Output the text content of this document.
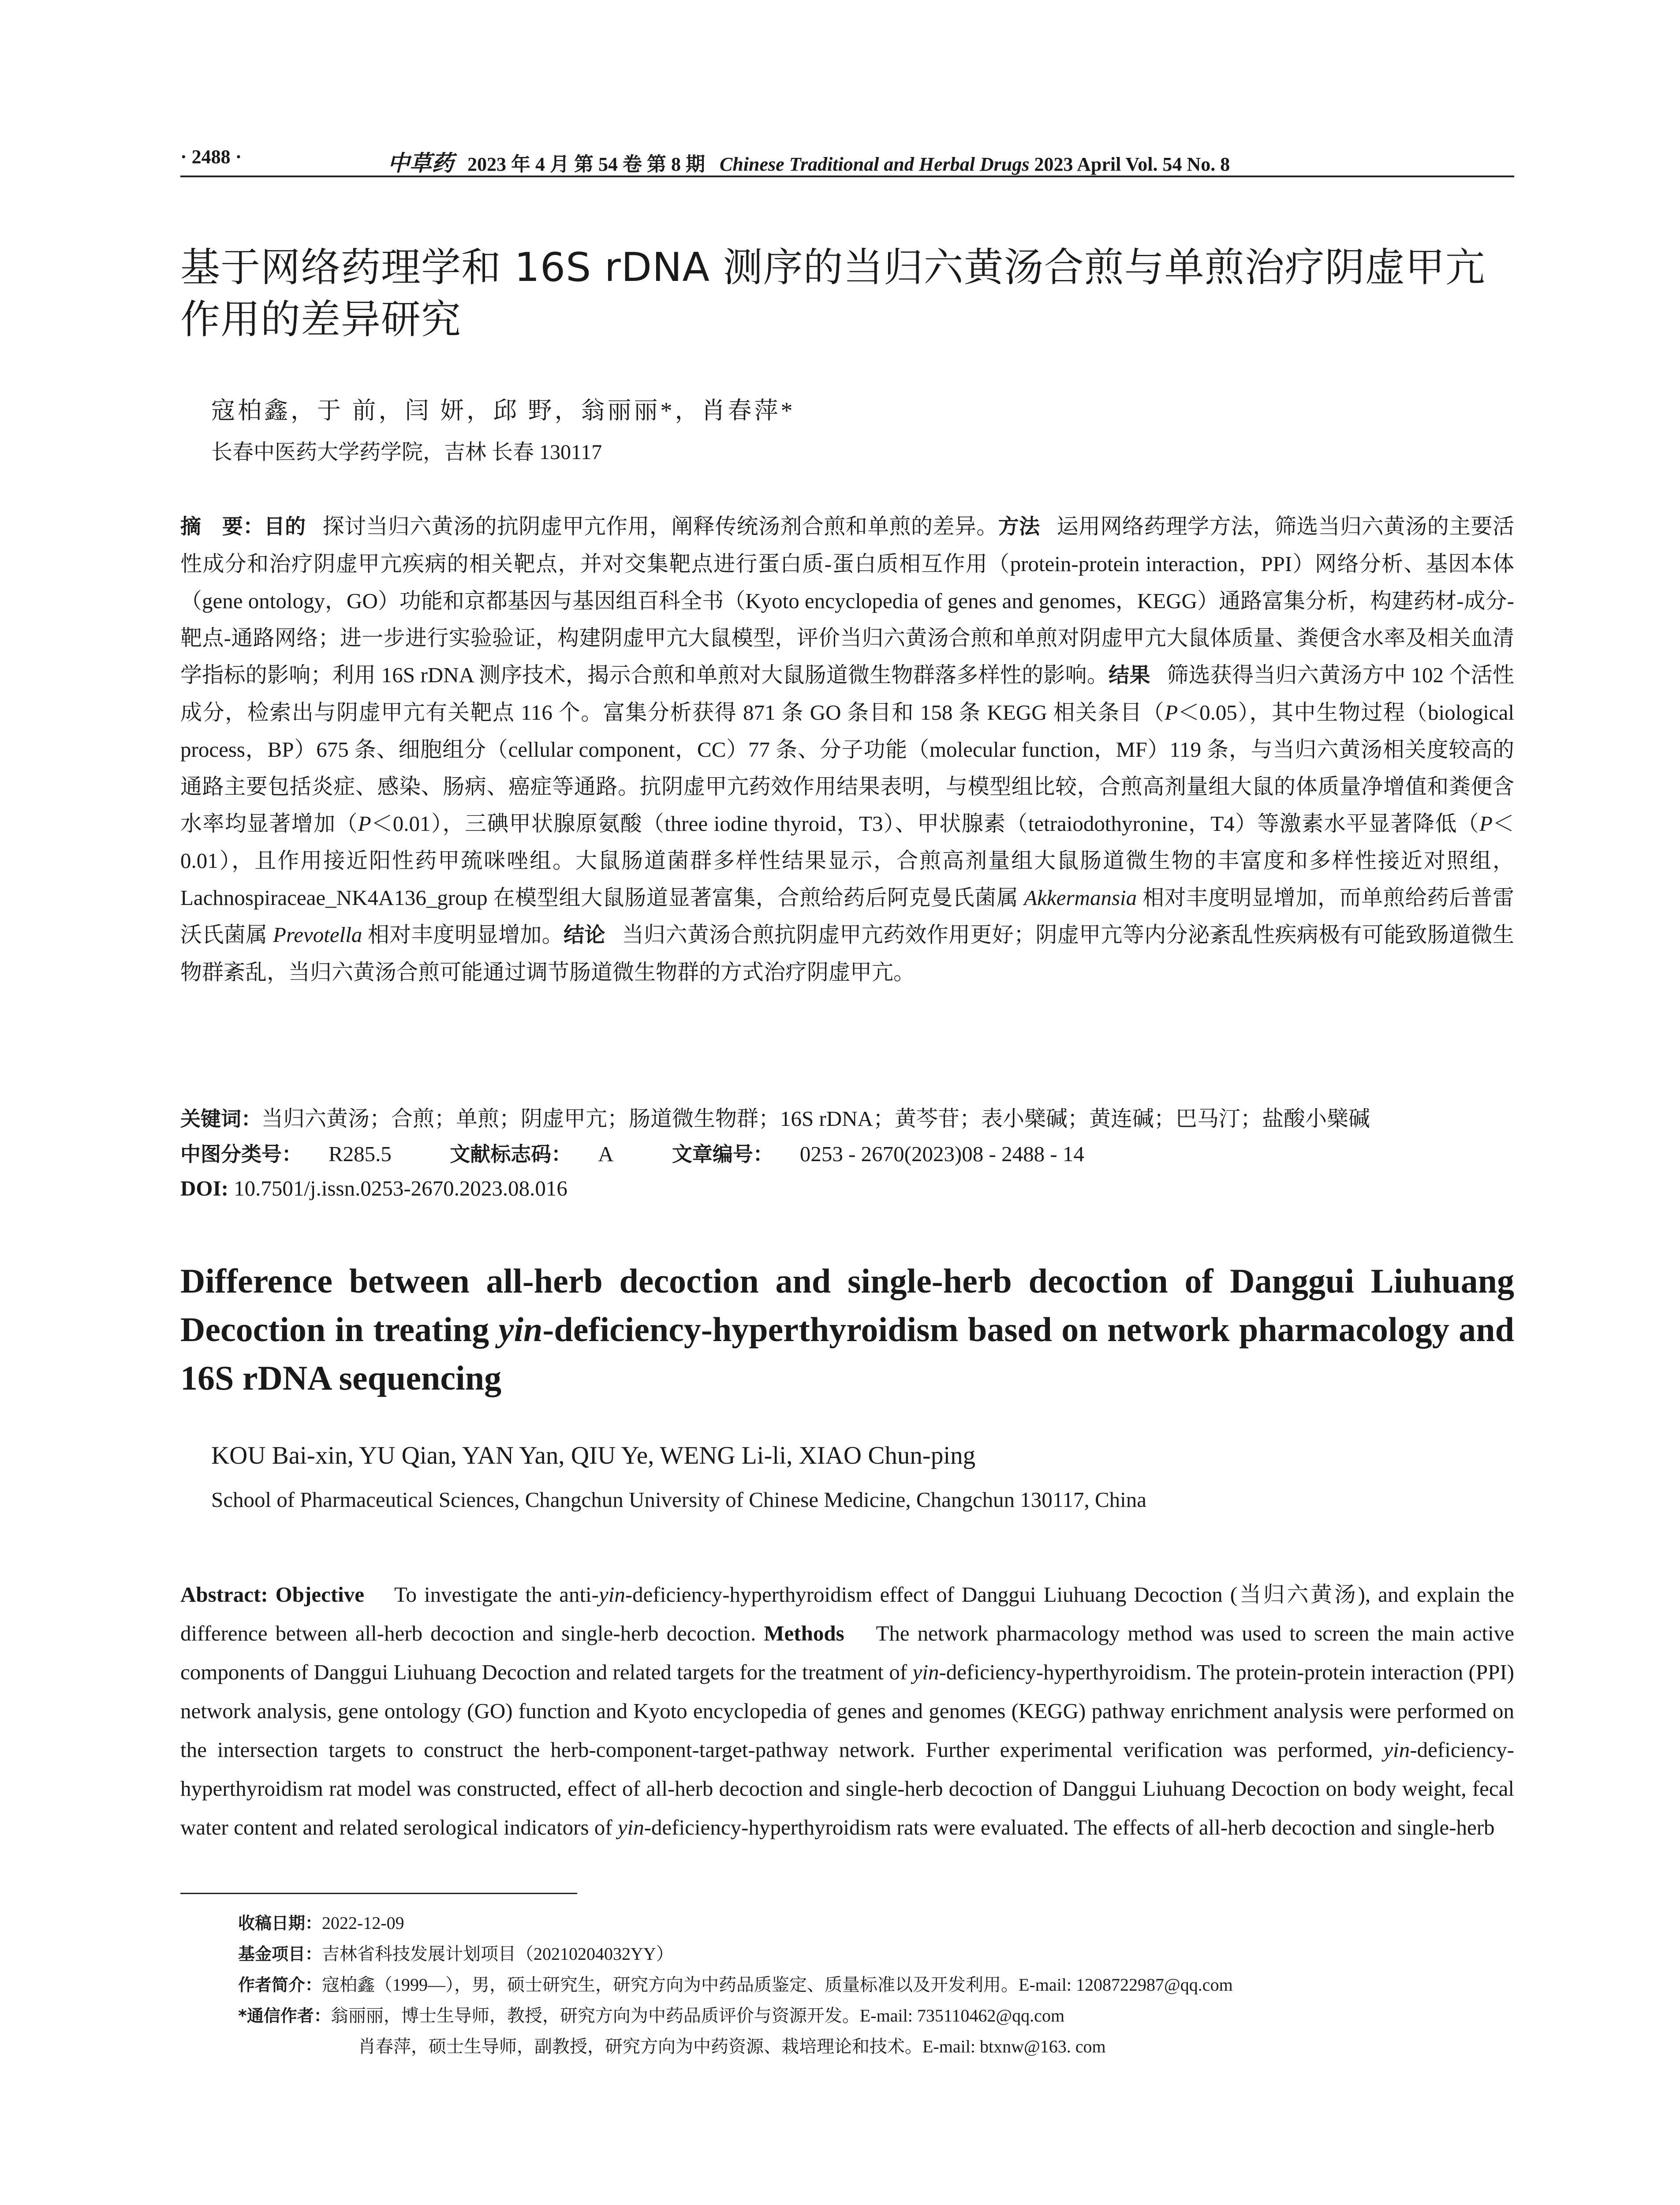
· 2488 ·	中草药 2023 年 4 月 第 54 卷 第 8 期 Chinese Traditional and Herbal Drugs 2023 April Vol. 54 No. 8
基于网络药理学和 16S rDNA 测序的当归六黄汤合煎与单煎治疗阴虚甲亢作用的差异研究
寇柏鑫，于 前，闫 妍，邱 野，翁丽丽*，肖春萍*
长春中医药大学药学院，吉林 长春 130117
摘　要：目的 探讨当归六黄汤的抗阴虚甲亢作用，阐释传统汤剂合煎和单煎的差异。方法 运用网络药理学方法，筛选当归六黄汤的主要活性成分和治疗阴虚甲亢疾病的相关靶点，并对交集靶点进行蛋白质-蛋白质相互作用（protein-protein interaction，PPI）网络分析、基因本体（gene ontology，GO）功能和京都基因与基因组百科全书（Kyoto encyclopedia of genes and genomes，KEGG）通路富集分析，构建药材-成分-靶点-通路网络；进一步进行实验验证，构建阴虚甲亢大鼠模型，评价当归六黄汤合煎和单煎对阴虚甲亢大鼠体质量、粪便含水率及相关血清学指标的影响；利用 16S rDNA 测序技术，揭示合煎和单煎对大鼠肠道微生物群落多样性的影响。结果 筛选获得当归六黄汤方中 102 个活性成分，检索出与阴虚甲亢有关靶点 116 个。富集分析获得 871 条 GO 条目和 158 条 KEGG 相关条目（P＜0.05），其中生物过程（biological process，BP）675 条、细胞组分（cellular component，CC）77 条、分子功能（molecular function，MF）119 条，与当归六黄汤相关度较高的通路主要包括炎症、感染、肠病、癌症等通路。抗阴虚甲亢药效作用结果表明，与模型组比较，合煎高剂量组大鼠的体质量净增值和粪便含水率均显著增加（P＜0.01），三碘甲状腺原氨酸（three iodine thyroid，T3）、甲状腺素（tetraiodothyronine，T4）等激素水平显著降低（P＜0.01），且作用接近阳性药甲巯咪唑组。大鼠肠道菌群多样性结果显示，合煎高剂量组大鼠肠道微生物的丰富度和多样性接近对照组，Lachnospiraceae_NK4A136_group 在模型组大鼠肠道显著富集，合煎给药后阿克曼氏菌属 Akkermansia 相对丰度明显增加，而单煎给药后普雷沃氏菌属 Prevotella 相对丰度明显增加。结论 当归六黄汤合煎抗阴虚甲亢药效作用更好；阴虚甲亢等内分泌紊乱性疾病极有可能致肠道微生物群紊乱，当归六黄汤合煎可能通过调节肠道微生物群的方式治疗阴虚甲亢。
关键词：当归六黄汤；合煎；单煎；阴虚甲亢；肠道微生物群；16S rDNA；黄芩苷；表小檗碱；黄连碱；巴马汀；盐酸小檗碱
中图分类号： R285.5	文献标志码： A	文章编号： 0253 - 2670(2023)08 - 2488 - 14
DOI: 10.7501/j.issn.0253-2670.2023.08.016
Difference between all-herb decoction and single-herb decoction of Danggui Liuhuang Decoction in treating yin-deficiency-hyperthyroidism based on network pharmacology and 16S rDNA sequencing
KOU Bai-xin, YU Qian, YAN Yan, QIU Ye, WENG Li-li, XIAO Chun-ping
School of Pharmaceutical Sciences, Changchun University of Chinese Medicine, Changchun 130117, China
Abstract: Objective To investigate the anti-yin-deficiency-hyperthyroidism effect of Danggui Liuhuang Decoction (当归六黄汤), and explain the difference between all-herb decoction and single-herb decoction. Methods The network pharmacology method was used to screen the main active components of Danggui Liuhuang Decoction and related targets for the treatment of yin-deficiency-hyperthyroidism. The protein-protein interaction (PPI) network analysis, gene ontology (GO) function and Kyoto encyclopedia of genes and genomes (KEGG) pathway enrichment analysis were performed on the intersection targets to construct the herb-component-target-pathway network. Further experimental verification was performed, yin-deficiency-hyperthyroidism rat model was constructed, effect of all-herb decoction and single-herb decoction of Danggui Liuhuang Decoction on body weight, fecal water content and related serological indicators of yin-deficiency-hyperthyroidism rats were evaluated. The effects of all-herb decoction and single-herb
收稿日期：2022-12-09
基金项目：吉林省科技发展计划项目（20210204032YY）
作者简介：寇柏鑫（1999—），男，硕士研究生，研究方向为中药品质鉴定、质量标准以及开发利用。E-mail: 1208722987@qq.com
*通信作者：翁丽丽，博士生导师，教授，研究方向为中药品质评价与资源开发。E-mail: 735110462@qq.com
肖春萍，硕士生导师，副教授，研究方向为中药资源、栽培理论和技术。E-mail: btxnw@163. com
